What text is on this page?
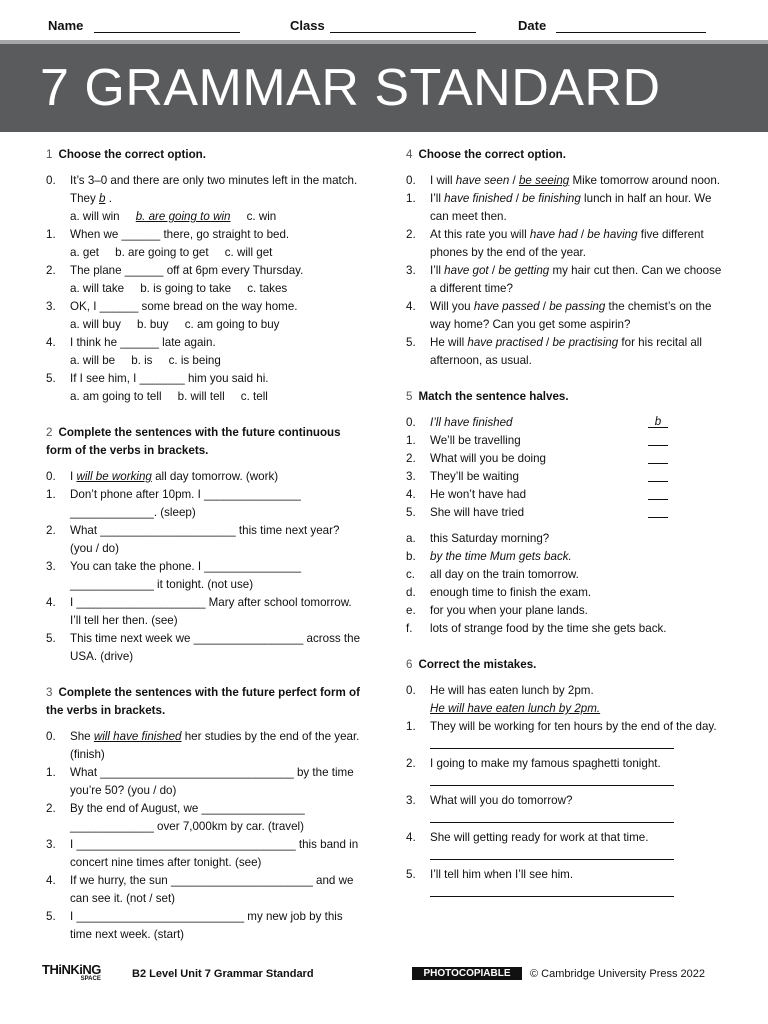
Name	Class	Date
7 GRAMMAR STANDARD
1 Choose the correct option.
0. It’s 3–0 and there are only two minutes left in the match. They b .
a. will win b. are going to win c. win
1. When we ______ there, go straight to bed.
a. get b. are going to get c. will get
2. The plane ______ off at 6pm every Thursday.
a. will take b. is going to take c. takes
3. OK, I ______ some bread on the way home.
a. will buy b. buy c. am going to buy
4. I think he ______ late again.
a. will be b. is c. is being
5. If I see him, I _______ him you said hi.
a. am going to tell b. will tell c. tell
2 Complete the sentences with the future continuous form of the verbs in brackets.
0. I will be working all day tomorrow. (work)
1. Don’t phone after 10pm. I _______________ _____________. (sleep)
2. What _____________________ this time next year? (you / do)
3. You can take the phone. I _______________ _____________ it tonight. (not use)
4. I ____________________ Mary after school tomorrow. I’ll tell her then. (see)
5. This time next week we _________________ across the USA. (drive)
3 Complete the sentences with the future perfect form of the verbs in brackets.
0. She will have finished her studies by the end of the year. (finish)
1. What ______________________________ by the time you’re 50? (you / do)
2. By the end of August, we ________________ _____________ over 7,000km by car. (travel)
3. I __________________________________ this band in concert nine times after tonight. (see)
4. If we hurry, the sun ______________________ and we can see it. (not / set)
5. I __________________________ my new job by this time next week. (start)
4 Choose the correct option.
0. I will have seen / be seeing Mike tomorrow around noon.
1. I’ll have finished / be finishing lunch in half an hour. We can meet then.
2. At this rate you will have had / be having five different phones by the end of the year.
3. I’ll have got / be getting my hair cut then. Can we choose a different time?
4. Will you have passed / be passing the chemist’s on the way home? Can you get some aspirin?
5. He will have practised / be practising for his recital all afternoon, as usual.
5 Match the sentence halves.
0. I’ll have finished	b
1. We’ll be travelling
2. What will you be doing
3. They’ll be waiting
4. He won’t have had
5. She will have tried
a. this Saturday morning?
b. by the time Mum gets back.
c. all day on the train tomorrow.
d. enough time to finish the exam.
e. for you when your plane lands.
f. lots of strange food by the time she gets back.
6 Correct the mistakes.
0. He will has eaten lunch by 2pm.
He will have eaten lunch by 2pm.
1. They will be working for ten hours by the end of the day.
2. I going to make my famous spaghetti tonight.
3. What will you do tomorrow?
4. She will getting ready for work at that time.
5. I’ll tell him when I’ll see him.
THiNKiNG
SPACE	B2 Level Unit 7 Grammar Standard	PHOTOCOPIABLE	© Cambridge University Press 2022
